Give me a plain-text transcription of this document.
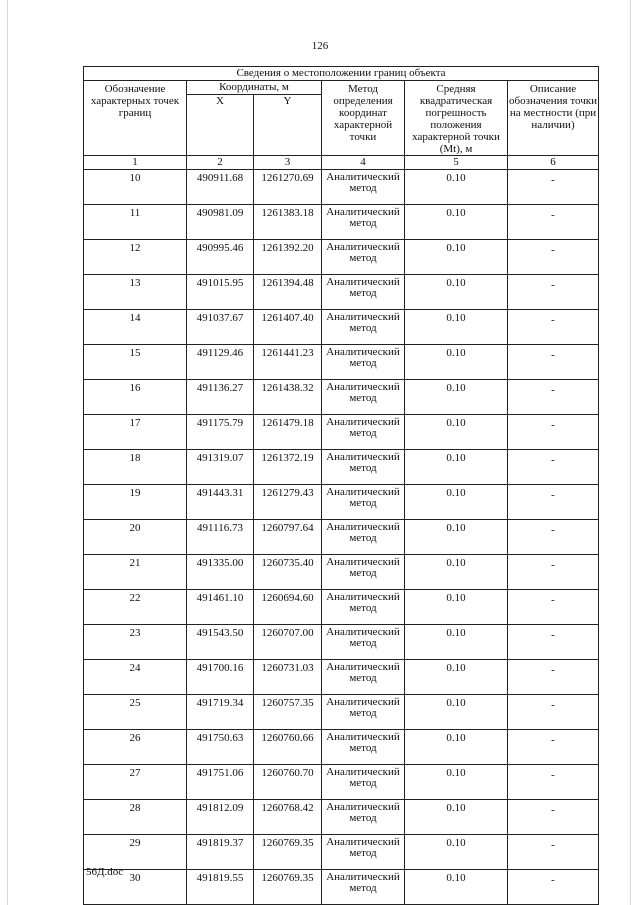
126
Сведения о местоположении границ объекта					
Обозначение характерных точек границ	Координаты, м		Метод определения координат характерной точки	Средняя квадратическая погрешность положения характерной точки (Mt), м	Описание обозначения точки на местности (при наличии)
	X	Y			
1	2	3	4	5	6
10	490911.68	1261270.69	Аналитический метод	0.10	-
11	490981.09	1261383.18	Аналитический метод	0.10	-
12	490995.46	1261392.20	Аналитический метод	0.10	-
13	491015.95	1261394.48	Аналитический метод	0.10	-
14	491037.67	1261407.40	Аналитический метод	0.10	-
15	491129.46	1261441.23	Аналитический метод	0.10	-
16	491136.27	1261438.32	Аналитический метод	0.10	-
17	491175.79	1261479.18	Аналитический метод	0.10	-
18	491319.07	1261372.19	Аналитический метод	0.10	-
19	491443.31	1261279.43	Аналитический метод	0.10	-
20	491116.73	1260797.64	Аналитический метод	0.10	-
21	491335.00	1260735.40	Аналитический метод	0.10	-
22	491461.10	1260694.60	Аналитический метод	0.10	-
23	491543.50	1260707.00	Аналитический метод	0.10	-
24	491700.16	1260731.03	Аналитический метод	0.10	-
25	491719.34	1260757.35	Аналитический метод	0.10	-
26	491750.63	1260760.66	Аналитический метод	0.10	-
27	491751.06	1260760.70	Аналитический метод	0.10	-
28	491812.09	1260768.42	Аналитический метод	0.10	-
29	491819.37	1260769.35	Аналитический метод	0.10	-
30	491819.55	1260769.35	Аналитический метод	0.10	-
56Д.doc
